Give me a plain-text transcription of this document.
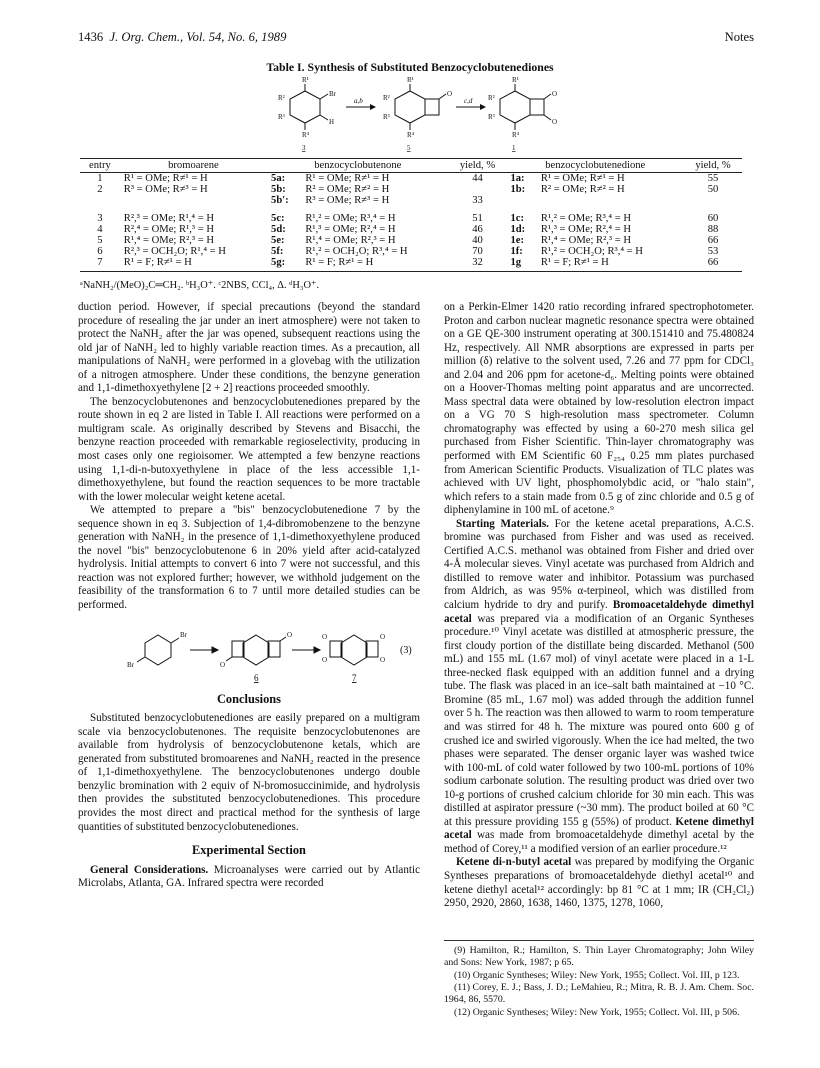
1436 J. Org. Chem., Vol. 54, No. 6, 1989	Notes
Table I. Synthesis of Substituted Benzocyclobutenediones
R¹
R²
R³
R⁴
Br
H
3
a,b
R¹
R²
R³
R⁴
O
5
c,d
R¹
R²
R³
R⁴
O
O
1
entry	bromoarene	benzocyclobutenone		yield, %	benzocyclobutenedione		yield, %
1	R¹ = OMe; R≠¹ = H	5a:	R¹ = OMe; R≠¹ = H	44	1a:	R¹ = OMe; R≠¹ = H	55
2	R³ = OMe; R≠³ = H	5b:	R² = OMe; R≠² = H		1b:	R² = OMe; R≠² = H	50
		5b′:	R³ = OMe; R≠³ = H	33			
3	R²,³ = OMe; R¹,⁴ = H	5c:	R¹,² = OMe; R³,⁴ = H	51	1c:	R¹,² = OMe; R³,⁴ = H	60
4	R²,⁴ = OMe; R¹,³ = H	5d:	R¹,³ = OMe; R²,⁴ = H	46	1d:	R¹,³ = OMe; R²,⁴ = H	88
5	R¹,⁴ = OMe; R²,³ = H	5e:	R¹,⁴ = OMe; R²,³ = H	40	1e:	R¹,⁴ = OMe; R²,³ = H	66
6	R²,³ = OCH₂O; R¹,⁴ = H	5f:	R¹,² = OCH₂O; R³,⁴ = H	70	1f:	R¹,² = OCH₂O; R³,⁴ = H	53
7	R¹ = F; R≠¹ = H	5g:	R¹ = F; R≠¹ = H	32	1g	R¹ = F; R≠¹ = H	66
ᵃNaNH₂/(MeO)₂C═CH₂. ᵇH₃O⁺. ᶜ2NBS, CCl₄, Δ. ᵈH₃O⁺.

duction period. However, if special precautions (beyond the standard procedure of resealing the jar under an inert atmosphere) were not taken to protect the NaNH₂ after the jar was opened, subsequent reactions using the old jar of NaNH₂ led to highly variable reaction times. As a precaution, all manipulations of NaNH₂ were performed in a glovebag with the utilization of a nitrogen atmosphere. Under these conditions, the benzyne generation and 1,1-dimethoxyethylene [2 + 2] reactions proceeded smoothly.

The benzocyclobutenones and benzocyclobutenediones prepared by the route shown in eq 2 are listed in Table I. All reactions were performed on a multigram scale. As originally described by Stevens and Bisacchi, the benzyne reaction proceeded with remarkable regioselectivity, producing in most cases only one regioisomer. We attempted a few benzyne reactions using 1,1-di-n-butoxyethylene in place of the less accessible 1,1-dimethoxyethylene, but found the reaction sequences to be more tractable with the lower molecular weight ketene acetal.

We attempted to prepare a "bis" benzocyclobutenedione 7 by the sequence shown in eq 3. Subjection of 1,4-dibromobenzene to the benzyne generation with NaNH₂ in the presence of 1,1-dimethoxyethylene produced the novel "bis" benzocyclobutenone 6 in 20% yield after acid-catalyzed hydrolysis. Initial attempts to convert 6 into 7 were not successful, and this reaction was not explored further; however, we withhold judgement on the feasibility of the transformation 6 to 7 until more detailed studies can be performed.

Br
Br
O
O
O
O
O
O
6	7
(3)
Conclusions

Substituted benzocyclobutenediones are easily prepared on a multigram scale via benzocyclobutenones. The requisite benzocyclobutenones are available from hydrolysis of benzocyclobutenone ketals, which are generated from substituted bromoarenes and NaNH₂ reacted in the presence of 1,1-dimethoxyethylene. The benzocyclobutenones undergo double benzylic bromination with 2 equiv of N-bromosuccinimide, and hydrolysis then provides the substituted benzocyclobutenediones. This procedure provides the most direct and practical method for the synthesis of large quantities of substituted benzocyclobutenediones.

Experimental Section

General Considerations. Microanalyses were carried out by Atlantic Microlabs, Atlanta, GA. Infrared spectra were recorded

on a Perkin-Elmer 1420 ratio recording infrared spectrophotometer. Proton and carbon nuclear magnetic resonance spectra were obtained on a GE QE-300 instrument operating at 300.151410 and 75.480824 Hz, respectively. All NMR absorptions are expressed in parts per million (δ) relative to the solvent used, 7.26 and 77 ppm for CDCl₃ and 2.04 and 206 ppm for acetone-d₆. Melting points were obtained on a Hoover-Thomas melting point apparatus and are uncorrected. Mass spectral data were obtained by low-resolution electron impact on a VG 70 S high-resolution mass spectrometer. Column chromatography was effected by using a 60-270 mesh silica gel purchased from Fisher Scientific. Thin-layer chromatography was performed with EM Scientific 60 F₂₅₄ 0.25 mm plates purchased from American Scientific Products. Visualization of TLC plates was achieved with UV light, phosphomolybdic acid, or "halo stain", which refers to a stain made from 0.5 g of zinc chloride and 0.5 g of diphenylamine in 100 mL of acetone.⁹

Starting Materials. For the ketene acetal preparations, A.C.S. bromine was purchased from Fisher and was used as received. Certified A.C.S. methanol was obtained from Fisher and dried over 4-Å molecular sieves. Vinyl acetate was purchased from Aldrich and distilled to remove water and inhibitor. Potassium was purchased from Aldrich, as was 95% α-terpineol, which was distilled from calcium hydride to dry and purify. Bromoacetaldehyde dimethyl acetal was prepared via a modification of an Organic Syntheses procedure.¹⁰ Vinyl acetate was distilled at atmospheric pressure, the first cloudy portion of the distillate being discarded. Methanol (500 mL) and 155 mL (1.67 mol) of vinyl acetate were placed in a 1-L three-necked flask equipped with an addition funnel and a drying tube. The flask was placed in an ice–salt bath maintained at −10 °C. Bromine (85 mL, 1.67 mol) was added through the addition funnel over 5 h. The reaction was then allowed to warm to room temperature and was stirred for 48 h. The mixture was poured onto 600 g of crushed ice and swirled vigorously. When the ice had melted, the two phases were separated. The denser organic layer was washed twice with 100-mL of cold water followed by two 100-mL portions of 10% sodium carbonate solution. The resulting product was dried over two 10-g portions of crushed calcium chloride for 30 min each. This was distilled at aspirator pressure (~30 mm). The product boiled at 60 °C at this pressure providing 155 g (55%) of product. Ketene dimethyl acetal was made from bromoacetaldehyde dimethyl acetal by the method of Corey,¹¹ a modified version of an earlier procedure.¹²

Ketene di-n-butyl acetal was prepared by modifying the Organic Syntheses preparations of bromoacetaldehyde diethyl acetal¹⁰ and ketene diethyl acetal¹² accordingly: bp 81 °C at 1 mm; IR (CH₂Cl₂) 2950, 2920, 2860, 1638, 1460, 1375, 1278, 1060,

(9) Hamilton, R.; Hamilton, S. Thin Layer Chromatography; John Wiley and Sons: New York, 1987; p 65.

(10) Organic Syntheses; Wiley: New York, 1955; Collect. Vol. III, p 123.

(11) Corey, E. J.; Bass, J. D.; LeMahieu, R.; Mitra, R. B. J. Am. Chem. Soc. 1964, 86, 5570.

(12) Organic Syntheses; Wiley: New York, 1955; Collect. Vol. III, p 506.
